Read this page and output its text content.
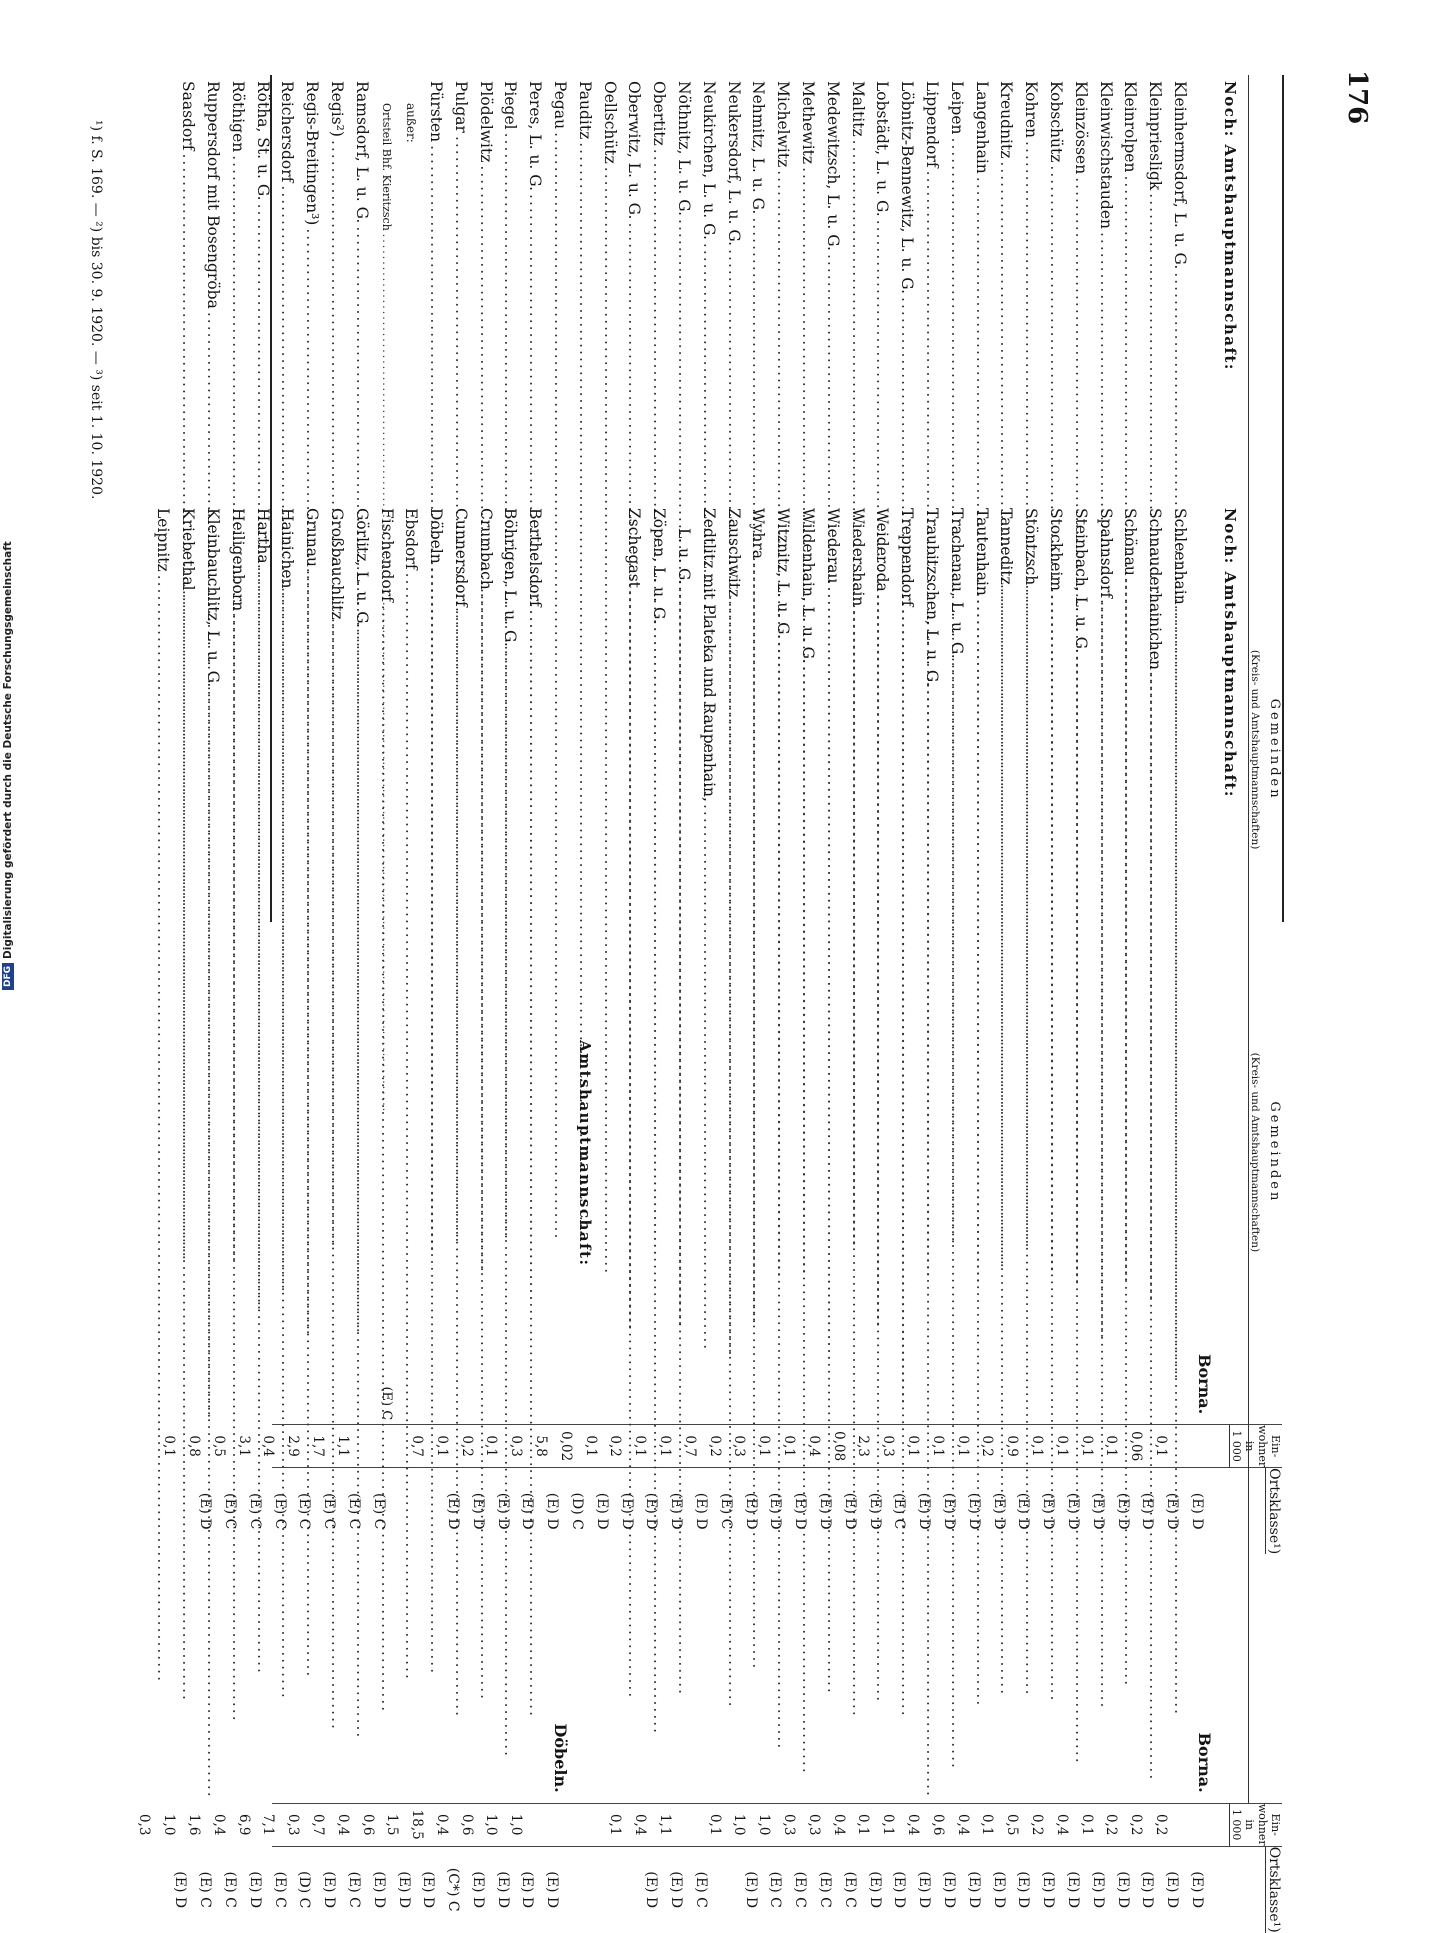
176
Gemeinden
(Kreis- und Amtshauptmannschaften)
Noch: Amtshauptmannschaft:
Borna.
Kleinhermsdorf, L. u. G.
.....
Kleinpriesligk
.....
Kleinrolpen
.....
Kleinwischstauden
.....
Kleinzössen
.....
Kobschütz
.....
Kohren
.....
Kreudnitz
.....
Langenhain
.....
Leipen
.....
Lippendorf
.....
Löbnitz-Bennewitz, L. u. G.
.....
Lobstädt, L. u. G.
.....
Maltitz
.....
Medewitzsch, L. u. G.
.....
Methewitz
.....
Michelwitz
.....
Nehmitz, L. u. G.
.....
Neukersdorf, L. u. G.
.....
Neukirchen, L. u. G.
.....
Nöthnitz, L. u. G.
.....
Obertitz
.....
Oberwitz, L. u. G.
.....
Oellschütz
.....
Pauditz
.....
Pegau
.....
Peres, L. u. G.
.....
Piegel
.....
Plödelwitz
.....
Pulgar
.....
Pürsten
.....
außer:
Ortsteil Bhf. Kieritzsch
.....
(E) C
Ramsdorf, L. u. G.
.....
Regis²)
.....
Regis-Breitingen³)
.....
Reichersdorf
.....
Rötha, St. u. G.
.....
Röthigen
.....
Ruppersdorf mit Bosengröba
.....
Saasdorf
.....
Ein-
wohner
in
1 000
0,1
0,06
0,1
0,1
0,1
0,1
0,9
0,2
0,1
0,1
0,1
0,3
2,3
0,08
0,4
0,1
0,1
0,3
0,2
0,7
0,1
0,1
0,2
0,1
0,02
5,8
0,3
0,1
0,2
0,1
0,7
1,1
1,7
2,9
0,4
3,1
0,5
0,8
0,1
Ortsklasse¹)
(E) D
(E) D
(E) D
(E) D
(E) D
(E) D
(E) D
(E) D
(E) D
(E) D
(E) D
(E) D
(E) C
(E) D
(E) D
(E) D
(E) D
(E) D
(E) D
(E) C
(E) D
(E) D
(E) D
(E) D
(E) D
(D) C
(E) D
(E) D
(E) D
(E) D
(E) D
(E) C
(E) C
(E) C
(E) C
(E) C
(E) C
(E) C
(E) D
Gemeinden
(Kreis- und Amtshauptmannschaften)
Noch: Amtshauptmannschaft:
Borna.
Schleenhain
.....
Schnauderhainichen
.....
Schönau
.....
Spahnsdorf
.....
Steinbach, L. u. G.
.....
Stockheim
.....
Stöntzsch
.....
Tanneditz
.....
Tautenhain
.....
Trachenau, L. u. G.
.....
Traubitzschen, L. u. G.
.....
Treppendorf
.....
Weideroda
.....
Wiedershain
.....
Wiederau
.....
Wildenhain, L. u. G.
.....
Witznitz, L. u. G.
.....
Wyhra
.....
Zauschwitz
.....
Zedtlitz mit Plateka und Raupenhain,
L. u. G.
.....
Zöpen, L. u. G.
.....
Zschegast
.....
Amtshauptmannschaft:
Döbeln.
Berthelsdorf
.....
Böhrigen, L. u. G.
.....
Crumbach
.....
Cunnersdorf
.....
Döbeln
.....
Ebsdorf
.....
Fischendorf
.....
Görlitz, L. u. G.
.....
Großbauchlitz
.....
Grunau
.....
Hainichen
.....
Hartha
.....
Heiligenborn
.....
Kleinbauchlitz, L. u. G.
.....
Kriebethal
.....
Leipnitz
.....
Ein-
wohner
in
1 000
0,2
0,2
0,2
0,1
0,4
0,2
0,5
0,1
0,4
0,6
0,4
0,1
0,1
0,4
0,3
0,3
1,0
1,0
0,1
1,1
0,4
0,1
1,0
1,0
0,6
0,4
18,5
1,5
0,6
0,4
0,7
0,3
7,1
6,9
0,4
1,6
1,0
0,3
Ortsklasse¹)
(E) D
(E) D
(E) D
(E) D
(E) D
(E) D
(E) D
(E) D
(E) D
(E) D
(E) D
(E) D
(E) D
(E) D
(E) C
(E) C
(E) C
(E) C
(E) D
(E) C
(E) D
(E) D
(E) D
(E) D
(E) D
(E) D
(C*) C
(E) D
(E) D
(E) D
(E) C
(E) D
(D) C
(E) C
(E) D
(E) C
(E) C
(E) D
¹) f. S. 169. — ²) bis 30. 9. 1920. — ³) seit 1. 10. 1920.
DFG
Digitalisierung gefördert durch die Deutsche Forschungsgemeinschaft
